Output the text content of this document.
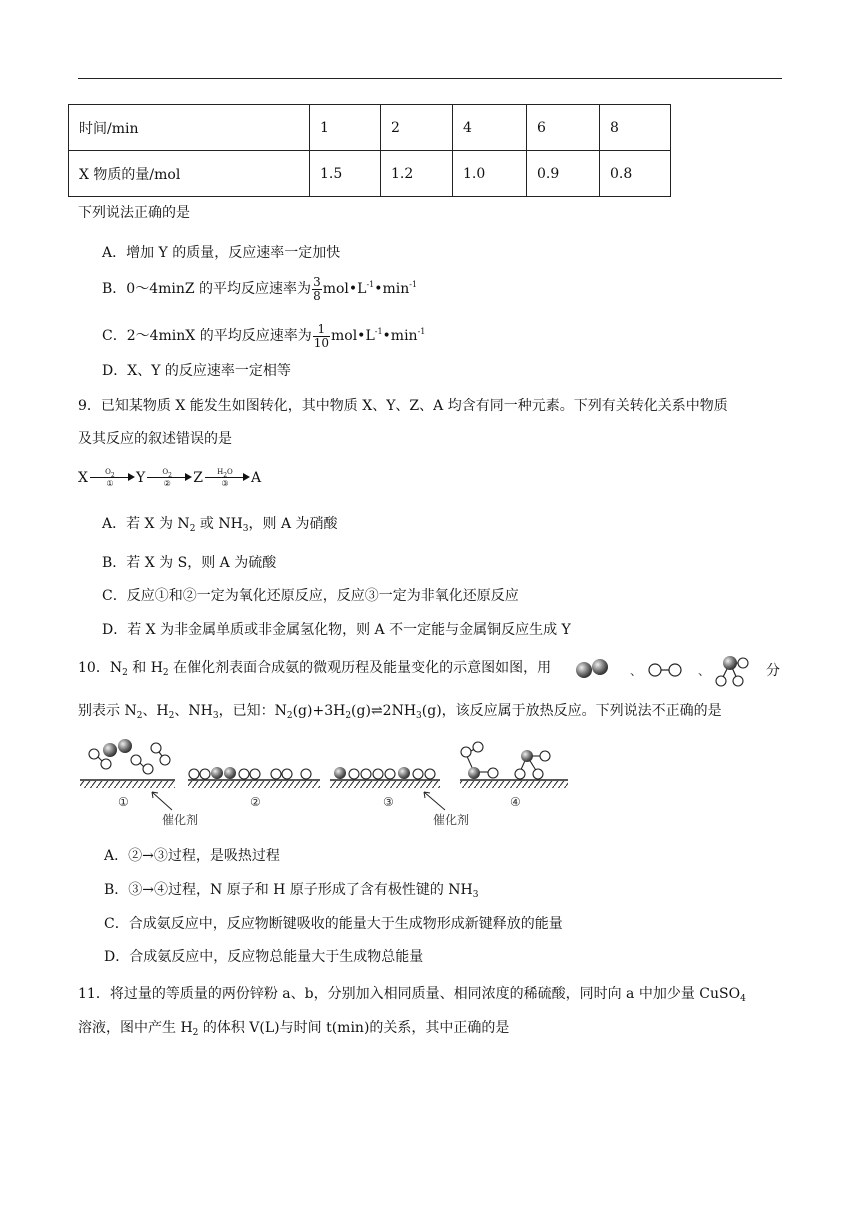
时间/min	1	2	4	6	8
X 物质的量/mol	1.5	1.2	1.0	0.9	0.8
下列说法正确的是
A．增加 Y 的质量，反应速率一定加快
B．0～4minZ 的平均反应速率为 $\frac{3}{8}$ $mol•L^{-1}•\min^{-1}$
C．2～4minX 的平均反应速率为 $\frac{1}{10}$ $mol•L^{-1}•\min^{-1}$
D．X、Y 的反应速率一定相等
9．已知某物质 X 能发生如图转化，其中物质 X、Y、Z、A 均含有同一种元素。下列有关转化关系中物质
及其反应的叙述错误的是
X	$O_2$
①	Y	$O_2$
②	Z	$H_2O$
③	A
A．若 X 为 $N_2$ 或 $NH_3$，则 A 为硝酸
B．若 X 为 S，则 A 为硫酸
C．反应①和②一定为氧化还原反应，反应③一定为非氧化还原反应
D．若 X 为非金属单质或非金属氢化物，则 A 不一定能与金属铜反应生成 Y
10．$N_2$ 和 $H_2$ 在催化剂表面合成氨的微观历程及能量变化的示意图如图，用	、	、	分
别表示 $N_2$、$H_2$、$NH_3$，已知：$N_2(g)+3H_2(g)\rightleftharpoons 2NH_3(g)$，该反应属于放热反应。下列说法不正确的是
①	②	③	④
催化剂	催化剂
A．②→③过程，是吸热过程
B．③→④过程，N 原子和 H 原子形成了含有极性键的 $NH_3$
C．合成氨反应中，反应物断键吸收的能量大于生成物形成新键释放的能量
D．合成氨反应中，反应物总能量大于生成物总能量
11．将过量的等质量的两份锌粉 a、b，分别加入相同质量、相同浓度的稀硫酸，同时向 a 中加少量 CuSO$_4$
溶液，图中产生 $H_2$ 的体积 V(L)与时间 t(min)的关系，其中正确的是
